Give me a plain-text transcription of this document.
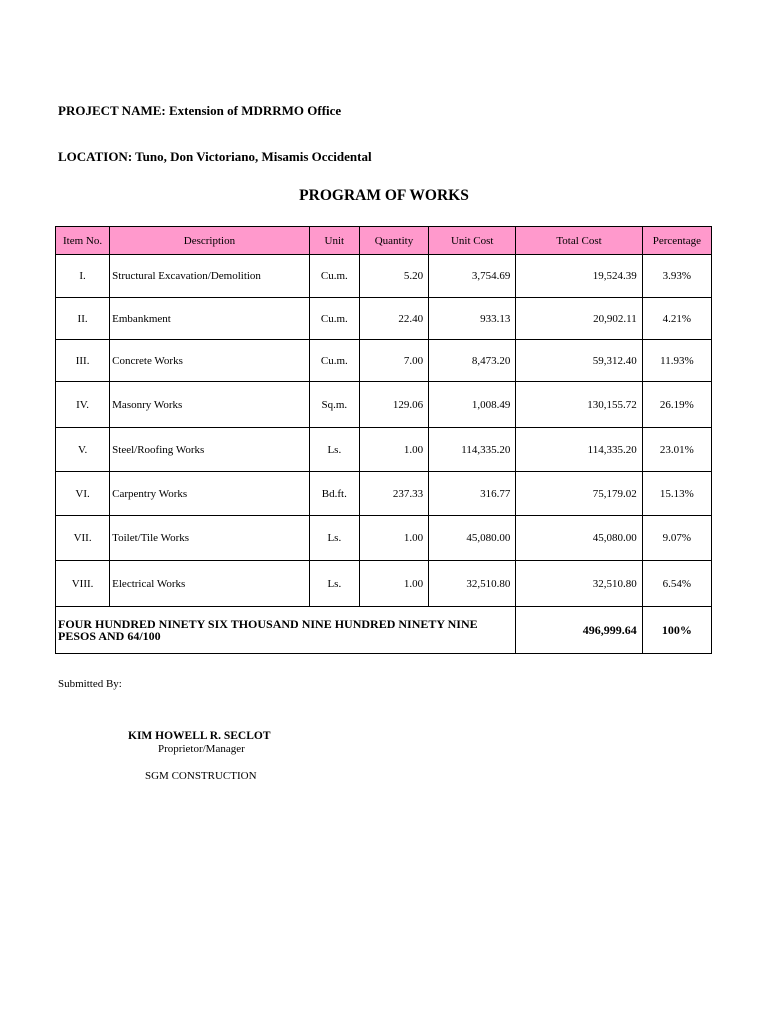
PROJECT NAME: Extension of MDRRMO Office
LOCATION: Tuno, Don Victoriano, Misamis Occidental
PROGRAM OF WORKS
Item No.	Description	Unit	Quantity	Unit Cost	Total Cost	Percentage
I.	Structural Excavation/Demolition	Cu.m.	5.20	3,754.69	19,524.39	3.93%
II.	Embankment	Cu.m.	22.40	933.13	20,902.11	4.21%
III.	Concrete Works	Cu.m.	7.00	8,473.20	59,312.40	11.93%
IV.	Masonry Works	Sq.m.	129.06	1,008.49	130,155.72	26.19%
V.	Steel/Roofing Works	Ls.	1.00	114,335.20	114,335.20	23.01%
VI.	Carpentry Works	Bd.ft.	237.33	316.77	75,179.02	15.13%
VII.	Toilet/Tile Works	Ls.	1.00	45,080.00	45,080.00	9.07%
VIII.	Electrical Works	Ls.	1.00	32,510.80	32,510.80	6.54%
FOUR HUNDRED NINETY SIX THOUSAND NINE HUNDRED NINETY NINE PESOS AND 64/100					496,999.64	100%
Submitted By:
KIM HOWELL R. SECLOT
Proprietor/Manager
SGM CONSTRUCTION
